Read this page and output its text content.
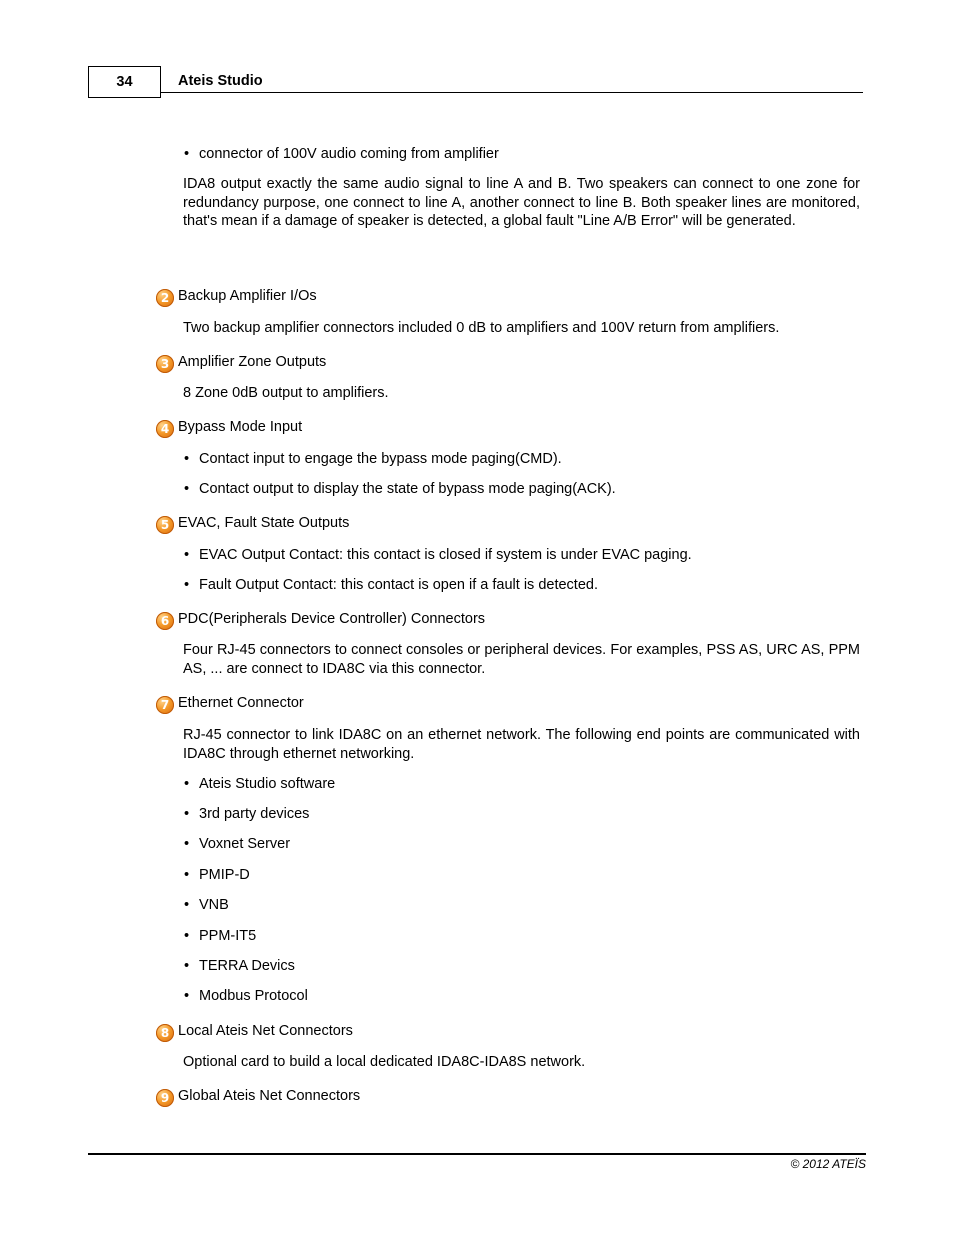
34	Ateis Studio
• connector of 100V audio coming from amplifier
IDA8 output exactly the same audio signal to line A and B. Two speakers can connect to one zone for redundancy purpose, one connect to line A, another connect to line B. Both speaker lines are monitored, that's mean if a damage of speaker is detected, a global fault "Line A/B Error" will be generated.
2 Backup Amplifier I/Os
Two backup amplifier connectors included 0 dB to amplifiers and 100V return from amplifiers.
3 Amplifier Zone Outputs
8 Zone 0dB output to amplifiers.
4 Bypass Mode Input
• Contact input to engage the bypass mode paging(CMD).
• Contact output to display the state of bypass mode paging(ACK).
5 EVAC, Fault State Outputs
• EVAC Output Contact: this contact is closed if system is under EVAC paging.
• Fault Output Contact: this contact is open if a fault is detected.
6 PDC(Peripherals Device Controller) Connectors
Four RJ-45 connectors to connect consoles or peripheral devices. For examples, PSS AS, URC AS, PPM AS, ... are connect to IDA8C via this connector.
7 Ethernet Connector
RJ-45 connector to link IDA8C on an ethernet network. The following end points are communicated with IDA8C through ethernet networking.
• Ateis Studio software
• 3rd party devices
• Voxnet Server
• PMIP-D
• VNB
• PPM-IT5
• TERRA Devics
• Modbus Protocol
8 Local Ateis Net Connectors
Optional card to build a local dedicated IDA8C-IDA8S network.
9 Global Ateis Net Connectors
© 2012 ATEÏS
